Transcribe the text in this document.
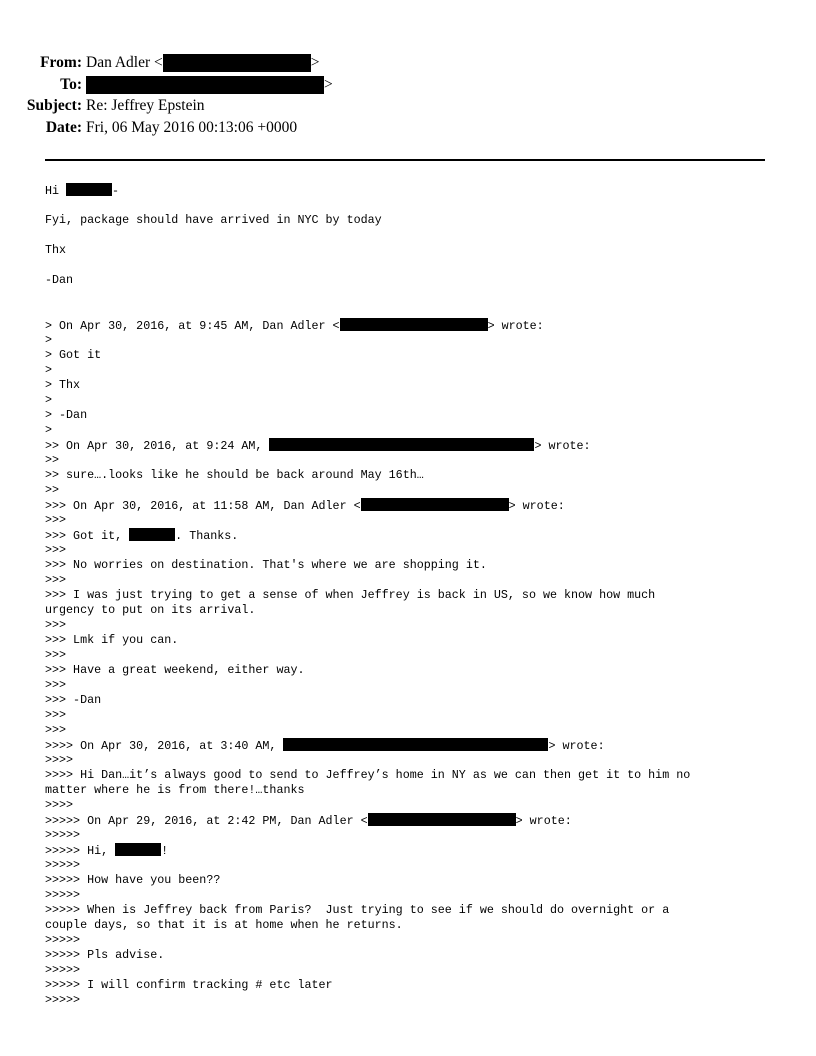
From: Dan Adler <	>
To:	>
Subject: Re: Jeffrey Epstein
Date: Fri, 06 May 2016 00:13:06 +0000
Hi	-
Fyi, package should have arrived in NYC by today
Thx
-Dan
> On Apr 30, 2016, at 9:45 AM, Dan Adler <	> wrote:
>
> Got it
>
> Thx
>
> -Dan
>
>> On Apr 30, 2016, at 9:24 AM,	> wrote:
>>
>> sure….looks like he should be back around May 16th…
>>
>>> On Apr 30, 2016, at 11:58 AM, Dan Adler <	> wrote:
>>>
>>> Got it,	. Thanks.
>>>
>>> No worries on destination. That's where we are shopping it.
>>>
>>> I was just trying to get a sense of when Jeffrey is back in US, so we know how much
urgency to put on its arrival.
>>>
>>> Lmk if you can.
>>>
>>> Have a great weekend, either way.
>>>
>>> -Dan
>>>
>>>
>>>> On Apr 30, 2016, at 3:40 AM,	> wrote:
>>>>
>>>> Hi Dan…it’s always good to send to Jeffrey’s home in NY as we can then get it to him no
matter where he is from there!…thanks
>>>>
>>>>> On Apr 29, 2016, at 2:42 PM, Dan Adler <	> wrote:
>>>>>
>>>>> Hi,	!
>>>>>
>>>>> How have you been??
>>>>>
>>>>> When is Jeffrey back from Paris?  Just trying to see if we should do overnight or a
couple days, so that it is at home when he returns.
>>>>>
>>>>> Pls advise.
>>>>>
>>>>> I will confirm tracking # etc later
>>>>>
